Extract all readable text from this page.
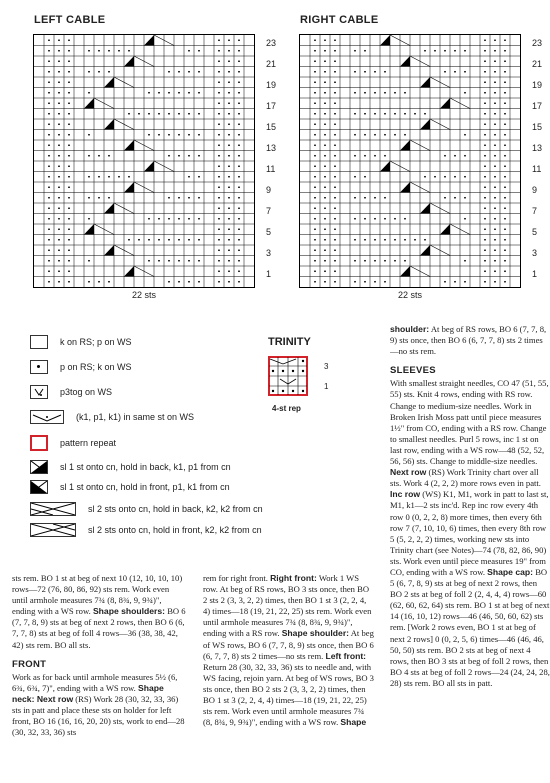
LEFT CABLE
22 sts
RIGHT CABLE
22 sts
23
21
19
17
15
13
11
9
7
5
3
1
23
21
19
17
15
13
11
9
7
5
3
1
k on RS; p on WS
p on RS; k on WS
p3tog on WS
(k1, p1, k1) in same st on WS
pattern repeat
sl 1 st onto cn, hold in back, k1, p1 from cn
sl 1 st onto cn, hold in front, p1, k1 from cn
sl 2 sts onto cn, hold in back, k2, k2 from cn
sl 2 sts onto cn, hold in front, k2, k2 from cn
TRINITY
3
1
4-st rep

sts rem. BO 1 st at beg of next 10 (12, 10, 10, 10) rows—72 (76, 80, 86, 92) sts rem. Work even until armhole measures 7¾ (8, 8¾, 9, 9¾)", ending with a WS row. Shape shoulders: BO 6 (7, 7, 8, 9) sts at beg of next 2 rows, then BO 6 (6, 7, 7, 8) sts at beg of foll 4 rows—36 (38, 38, 42, 42) sts rem. BO all sts.

FRONT

Work as for back until armhole measures 5½ (6, 6¾, 6¾, 7)", ending with a WS row. Shape neck: Next row (RS) Work 28 (30, 32, 33, 36) sts in patt and place these sts on holder for left front, BO 16 (16, 16, 20, 20) sts, work to end—28 (30, 32, 33, 36) sts

rem for right front. Right front: Work 1 WS row. At beg of RS rows, BO 3 sts once, then BO 2 sts 2 (3, 3, 2, 2) times, then BO 1 st 3 (2, 2, 4, 4) times—18 (19, 21, 22, 25) sts rem. Work even until armhole measures 7¾ (8, 8¾, 9, 9¾)", ending with a RS row. Shape shoulder: At beg of WS rows, BO 6 (7, 7, 8, 9) sts once, then BO 6 (6, 7, 7, 8) sts 2 times—no sts rem. Left front: Return 28 (30, 32, 33, 36) sts to needle and, with WS facing, rejoin yarn. At beg of WS rows, BO 3 sts once, then BO 2 sts 2 (3, 3, 2, 2) times, then BO 1 st 3 (2, 2, 4, 4) times—18 (19, 21, 22, 25) sts rem. Work even until armhole measures 7¾ (8, 8¾, 9, 9¾)", ending with a WS row. Shape

shoulder: At beg of RS rows, BO 6 (7, 7, 8, 9) sts once, then BO 6 (6, 7, 7, 8) sts 2 times—no sts rem.

SLEEVES

With smallest straight needles, CO 47 (51, 55, 55) sts. Knit 4 rows, ending with RS row. Change to medium-size needles. Work in Broken Irish Moss patt until piece measures 1½" from CO, ending with a RS row. Change to smallest needles. Purl 5 rows, inc 1 st on last row, ending with a WS row—48 (52, 52, 56, 56) sts. Change to middle-size needles. Next row (RS) Work Trinity chart over all sts. Work 4 (2, 2, 2) more rows even in patt. Inc row (WS) K1, M1, work in patt to last st, M1, k1—2 sts inc'd. Rep inc row every 4th row 0 (0, 2, 2, 8) more times, then every 6th row 7 (7, 10, 10, 6) times, then every 8th row 5 (5, 2, 2, 2) times, working new sts into Trinity chart (see Notes)—74 (78, 82, 86, 90) sts. Work even until piece measures 19" from CO, ending with a WS row. Shape cap: BO 5 (6, 7, 8, 9) sts at beg of next 2 rows, then BO 2 sts at beg of foll 2 (2, 4, 4, 4) rows—60 (62, 60, 62, 64) sts rem. BO 1 st at beg of next 14 (16, 10, 12) rows—46 (46, 50, 60, 62) sts rem. [Work 2 rows even, BO 1 st at beg of next 2 rows] 0 (0, 2, 5, 6) times—46 (46, 46, 50, 50) sts rem. BO 2 sts at beg of next 4 rows, then BO 3 sts at beg of foll 2 rows, then BO 4 sts at beg of foll 2 rows—24 (24, 24, 28, 28) sts rem. BO all sts in patt.
